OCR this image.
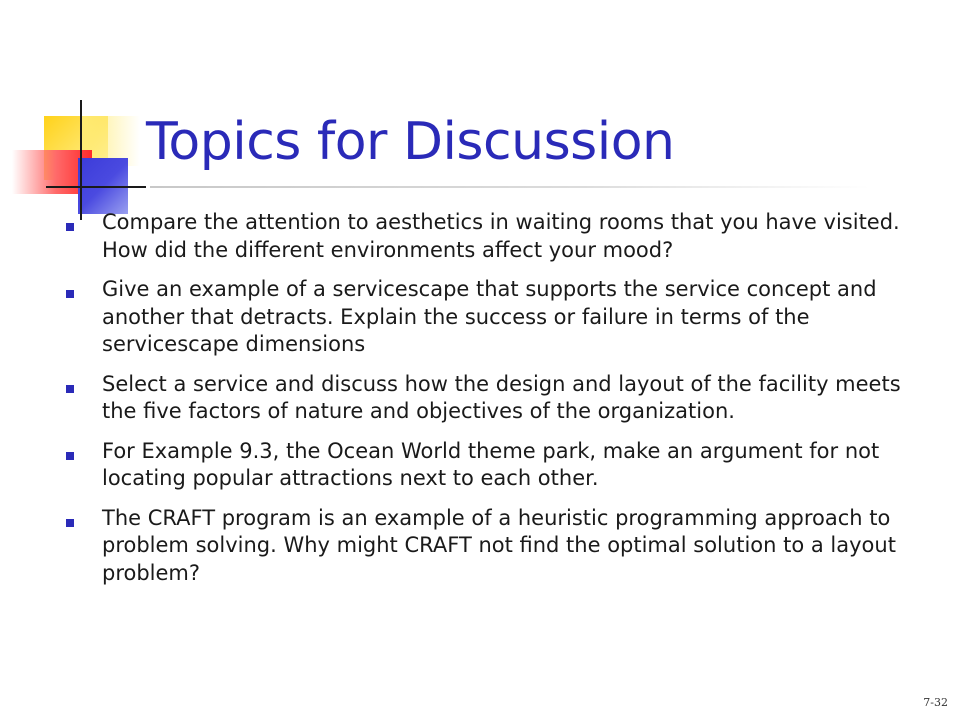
Topics for Discussion
Compare the attention to aesthetics in waiting rooms that you have visited. How did the different environments affect your mood?
Give an example of a servicescape that supports the service concept and another that detracts. Explain the success or failure in terms of the servicescape dimensions
Select a service and discuss how the design and layout of the facility meets the five factors of nature and objectives of the organization.
For Example 9.3, the Ocean World theme park, make an argument for not locating popular attractions next to each other.
The CRAFT program is an example of a heuristic programming approach to problem solving. Why might CRAFT not find the optimal solution to a layout problem?
7-32
